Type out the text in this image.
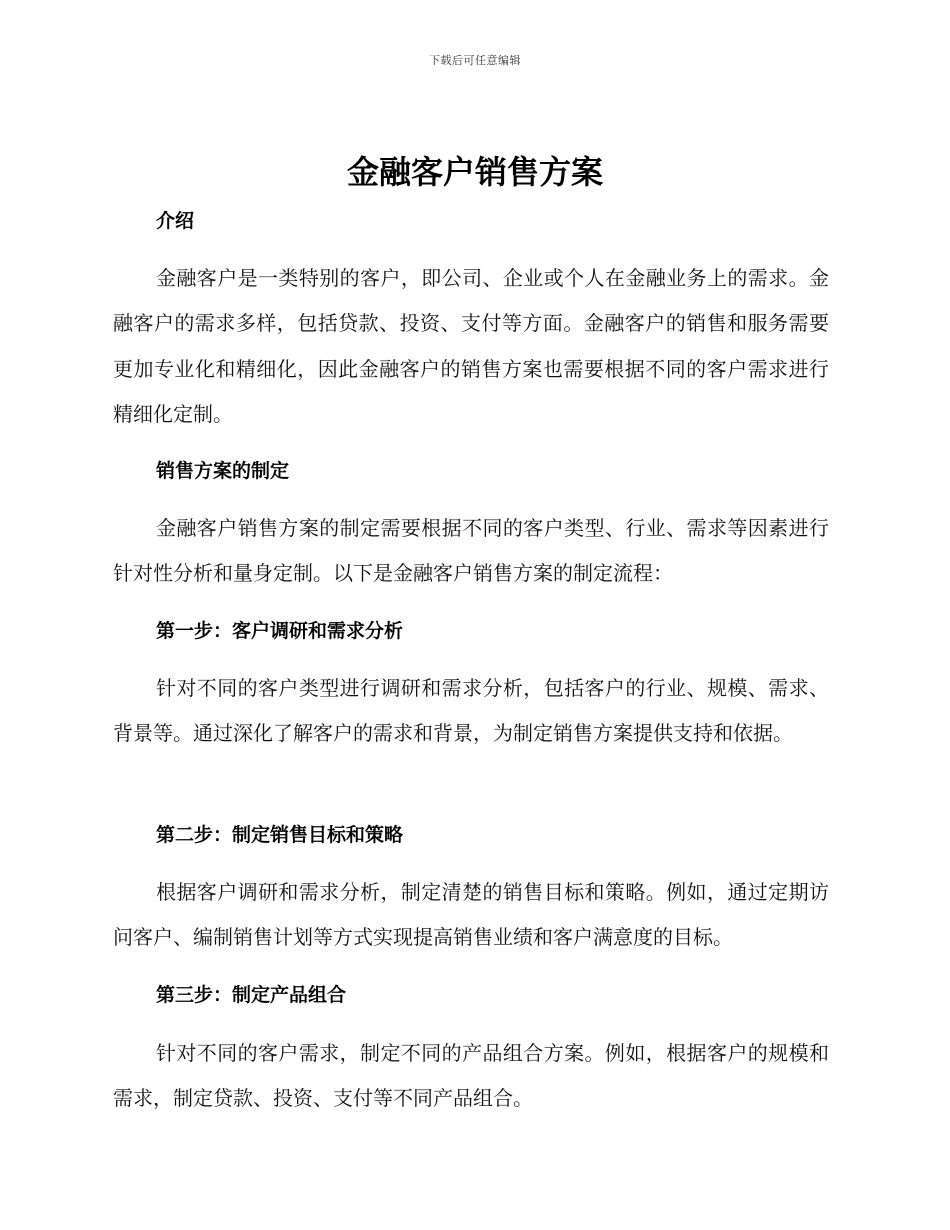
下载后可任意编辑
金融客户销售方案
介绍

金融客户是一类特别的客户，即公司、企业或个人在金融业务上的需求。金融客户的需求多样，包括贷款、投资、支付等方面。金融客户的销售和服务需要更加专业化和精细化，因此金融客户的销售方案也需要根据不同的客户需求进行精细化定制。

销售方案的制定

金融客户销售方案的制定需要根据不同的客户类型、行业、需求等因素进行针对性分析和量身定制。以下是金融客户销售方案的制定流程：

第一步：客户调研和需求分析

针对不同的客户类型进行调研和需求分析，包括客户的行业、规模、需求、背景等。通过深化了解客户的需求和背景，为制定销售方案提供支持和依据。

第二步：制定销售目标和策略

根据客户调研和需求分析，制定清楚的销售目标和策略。例如，通过定期访问客户、编制销售计划等方式实现提高销售业绩和客户满意度的目标。

第三步：制定产品组合

针对不同的客户需求，制定不同的产品组合方案。例如，根据客户的规模和需求，制定贷款、投资、支付等不同产品组合。
